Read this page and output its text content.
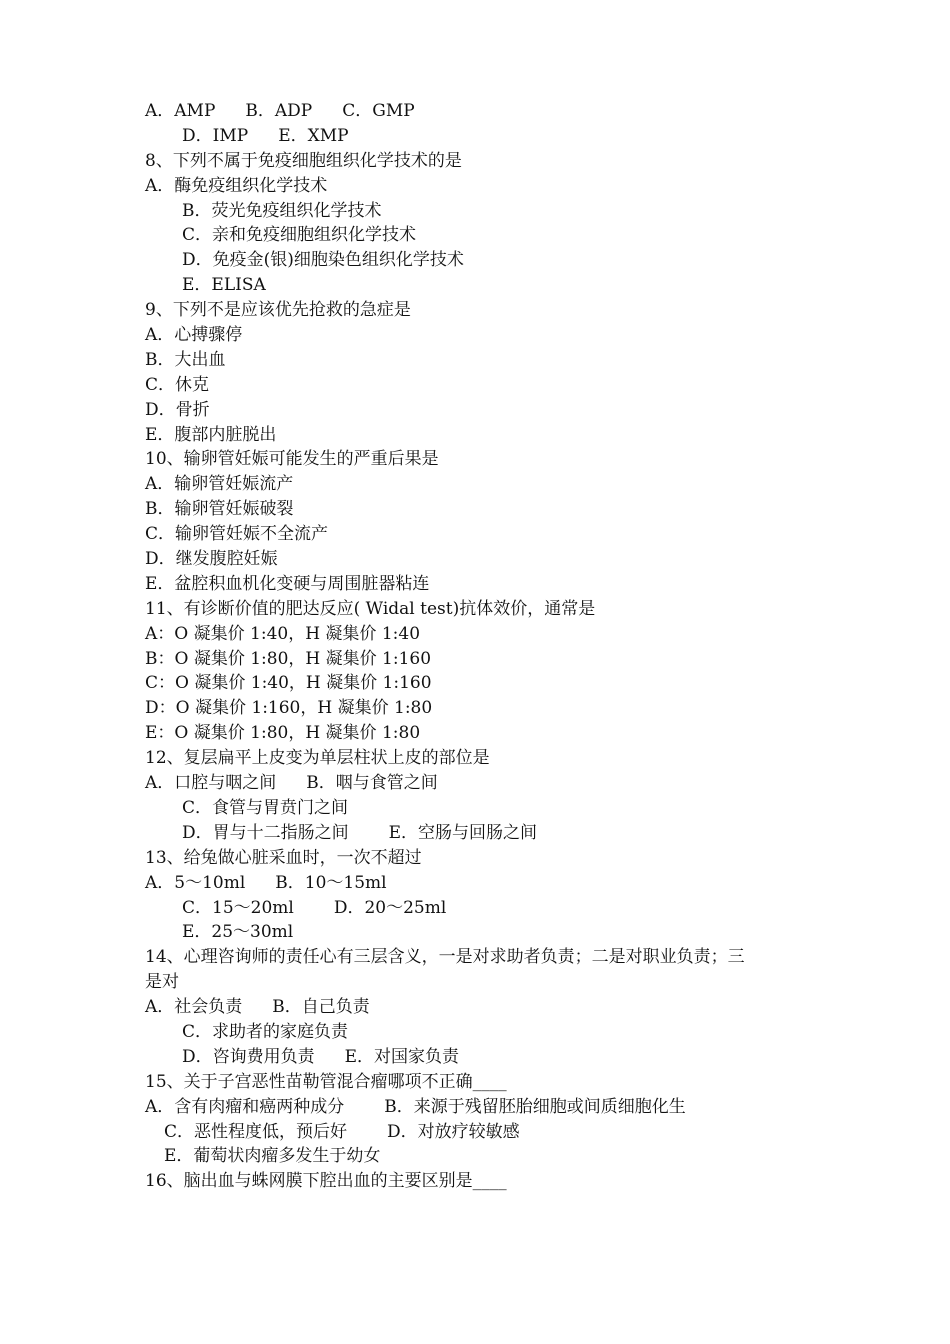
A．AMP B．ADP C．GMP
D．IMP E．XMP
8、下列不属于免疫细胞组织化学技术的是
A．酶免疫组织化学技术
B．荧光免疫组织化学技术
C．亲和免疫细胞组织化学技术
D．免疫金(银)细胞染色组织化学技术
E．ELISA
9、下列不是应该优先抢救的急症是
A．心搏骤停
B．大出血
C．休克
D．骨折
E．腹部内脏脱出
10、输卵管妊娠可能发生的严重后果是
A．输卵管妊娠流产
B．输卵管妊娠破裂
C．输卵管妊娠不全流产
D．继发腹腔妊娠
E．盆腔积血机化变硬与周围脏器粘连
11、有诊断价值的肥达反应( Widal test)抗体效价，通常是
A：O 凝集价 1:40，H 凝集价 1:40
B：O 凝集价 1:80，H 凝集价 1:160
C：O 凝集价 1:40，H 凝集价 1:160
D：O 凝集价 1:160，H 凝集价 1:80
E：O 凝集价 1:80，H 凝集价 1:80
12、复层扁平上皮变为单层柱状上皮的部位是
A．口腔与咽之间 B．咽与食管之间
C．食管与胃贲门之间
D．胃与十二指肠之间 E．空肠与回肠之间
13、给兔做心脏采血时，一次不超过
A．5～10ml B．10～15ml
C．15～20ml D．20～25ml
E．25～30ml
14、心理咨询师的责任心有三层含义，一是对求助者负责；二是对职业负责；三
是对
A．社会负责 B．自己负责
C．求助者的家庭负责
D．咨询费用负责 E．对国家负责
15、关于子宫恶性苗勒管混合瘤哪项不正确____
A．含有肉瘤和癌两种成分 B．来源于残留胚胎细胞或间质细胞化生
C．恶性程度低，预后好 D．对放疗较敏感
E．葡萄状肉瘤多发生于幼女
16、脑出血与蛛网膜下腔出血的主要区别是____
